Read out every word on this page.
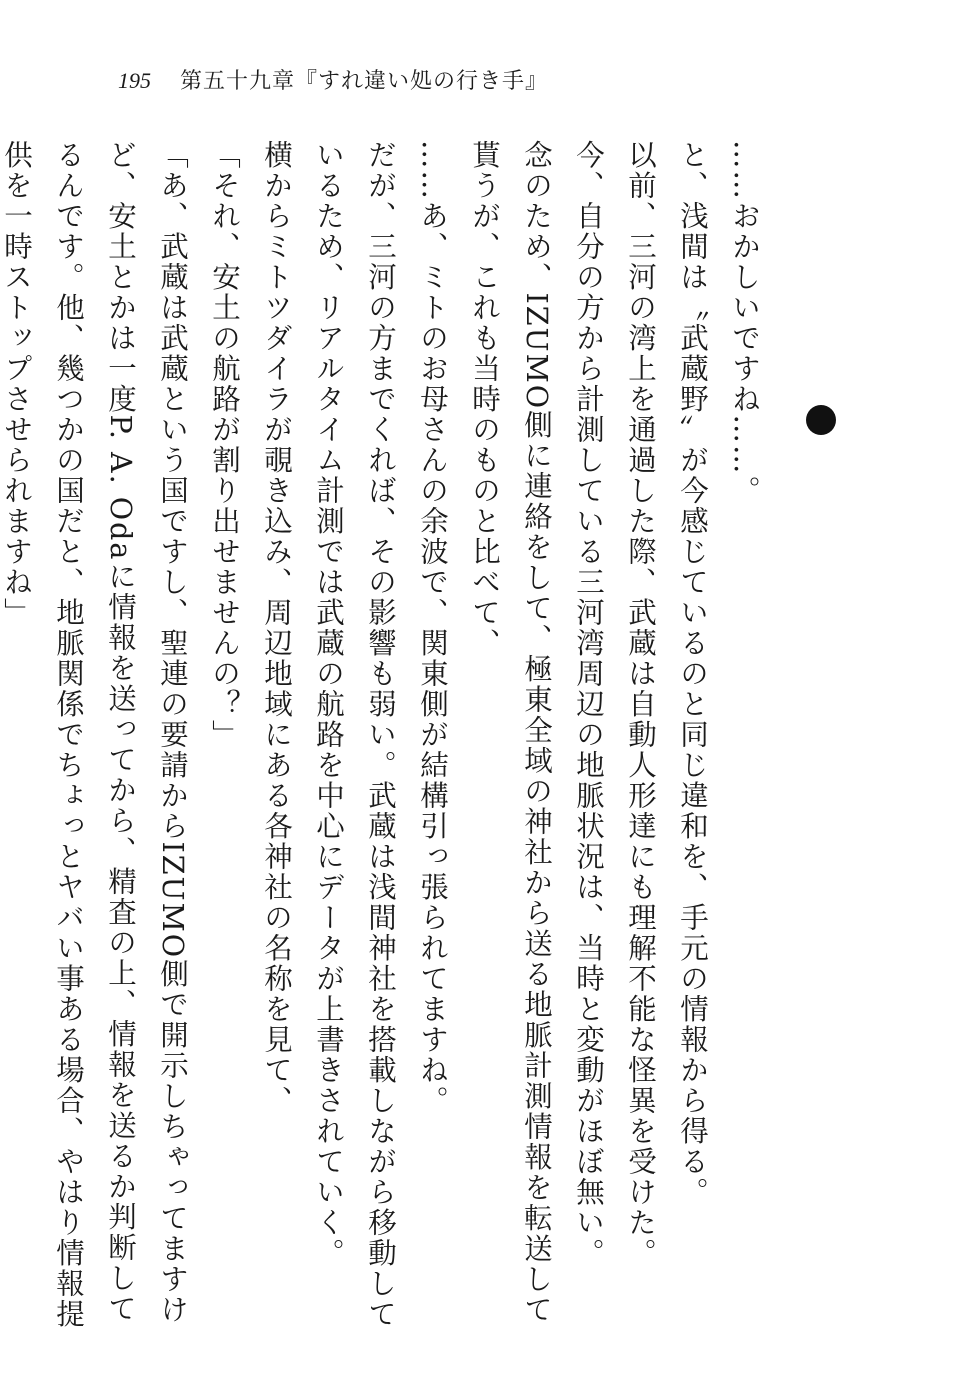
195 第五十九章『すれ違い処の行き手』

……おかしいですね……。

と、浅間は〝武蔵野〟が今感じているのと同じ違和を、手元の情報から得る。

以前、三河の湾上を通過した際、武蔵は自動人形達にも理解不能な怪異を受けた。

今、自分の方から計測している三河湾周辺の地脈状況は、当時と変動がほぼ無い。

念のため、IZUMO側に連絡をして、極東全域の神社から送る地脈計測情報を転送して貰うが、これも当時のものと比べて、

……あ、ミトのお母さんの余波で、関東側が結構引っ張られてますね。

だが、三河の方までくれば、その影響も弱い。武蔵は浅間神社を搭載しながら移動しているため、リアルタイム計測では武蔵の航路を中心にデータが上書きされていく。

横からミトツダイラが覗き込み、周辺地域にある各神社の名称を見て、

「それ、安土の航路が割り出せませんの？」

「あ、武蔵は武蔵という国ですし、聖連の要請からIZUMO側で開示しちゃってますけど、安土とかは一度P. A. Odaに情報を送ってから、精査の上、情報を送るか判断してるんです。他、幾つかの国だと、地脈関係でちょっとヤバい事ある場合、やはり情報提供を一時ストップさせられますね」
